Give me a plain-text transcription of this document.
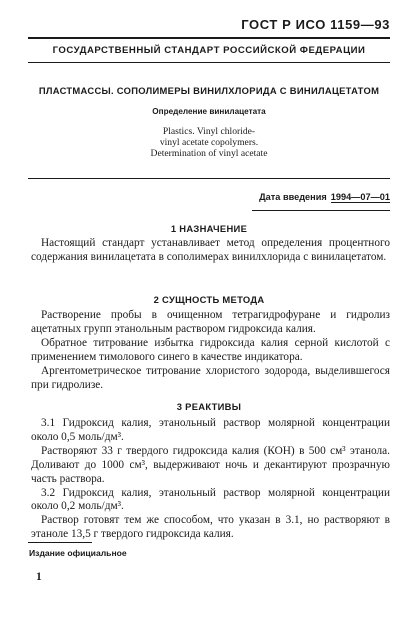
ГОСТ Р ИСО 1159—93
ГОСУДАРСТВЕННЫЙ СТАНДАРТ РОССИЙСКОЙ ФЕДЕРАЦИИ
ПЛАСТМАССЫ. СОПОЛИМЕРЫ ВИНИЛХЛОРИДА С ВИНИЛАЦЕТАТОМ
Определение винилацетата
Plastics. Vinyl chloride-
vinyl acetate copolymers.
Determination of vinyl acetate
Дата введения 1994—07—01
1 НАЗНАЧЕНИЕ

Настоящий стандарт устанавливает метод определения процентного содержания винилацетата в сополимерах винилхлорида с винилацетатом.

2 СУЩНОСТЬ МЕТОДА

Растворение пробы в очищенном тетрагидрофуране и гидролиз ацетатных групп этанольным раствором гидроксида калия.

Обратное титрование избытка гидроксида калия серной кислотой с применением тимолового синего в качестве индикатора.

Аргентометрическое титрование хлористого зодорода, выделившегося при гидролизе.

3 РЕАКТИВЫ

3.1 Гидроксид калия, этанольный раствор молярной концентрации около 0,5 моль/дм³.

Растворяют 33 г твердого гидроксида калия (КОН) в 500 см³ этанола. Доливают до 1000 см³, выдерживают ночь и декантируют прозрачную часть раствора.

3.2 Гидроксид калия, этанольный раствор молярной концентрации около 0,2 моль/дм³.

Раствор готовят тем же способом, что указан в 3.1, но растворяют в этаноле 13,5 г твердого гидроксида калия.

Издание официальное
1
